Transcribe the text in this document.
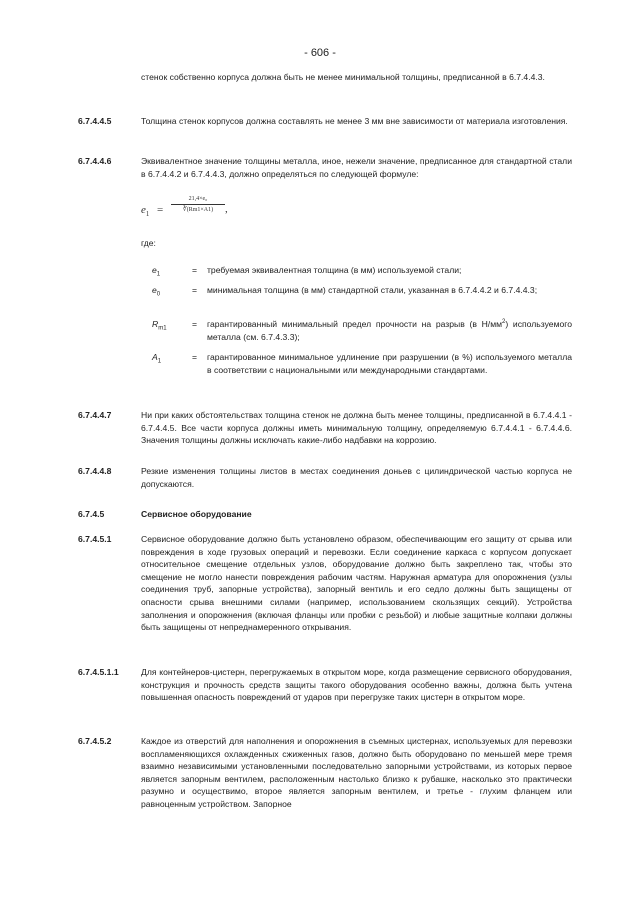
- 606 -
стенок собственно корпуса должна быть не менее минимальной толщины, предписанной в 6.7.4.4.3.
6.7.4.4.5	Толщина стенок корпусов должна составлять не менее 3 мм вне зависимости от материала изготовления.
6.7.4.4.6	Эквивалентное значение толщины металла, иное, нежели значение, предписанное для стандартной стали в 6.7.4.4.2 и 6.7.4.4.3, должно определяться по следующей формуле:
$e_1 = \frac{\text{21,4×e₀}}{∛(Rm1\times A1)}$ ,
где:
$e_1$	= требуемая эквивалентная толщина (в мм) используемой стали;
$e_0$	= минимальная толщина (в мм) стандартной стали, указанная в 6.7.4.4.2 и 6.7.4.4.3;
$R_{m1}$	= гарантированный минимальный предел прочности на разрыв (в $Н/мм^2$) используемого металла (см. 6.7.4.3.3);
$A_1$	= гарантированное минимальное удлинение при разрушении (в %) используемого металла в соответствии с национальными или международными стандартами.
6.7.4.4.7	Ни при каких обстоятельствах толщина стенок не должна быть менее толщины, предписанной в 6.7.4.4.1 - 6.7.4.4.5. Все части корпуса должны иметь минимальную толщину, определяемую 6.7.4.4.1 - 6.7.4.4.6. Значения толщины должны исключать какие-либо надбавки на коррозию.
6.7.4.4.8	Резкие изменения толщины листов в местах соединения доньев с цилиндрической частью корпуса не допускаются.
6.7.4.5	Сервисное оборудование
6.7.4.5.1	Сервисное оборудование должно быть установлено образом, обеспечивающим его защиту от срыва или повреждения в ходе грузовых операций и перевозки. Если соединение каркаса с корпусом допускает относительное смещение отдельных узлов, оборудование должно быть закреплено так, чтобы это смещение не могло нанести повреждения рабочим частям. Наружная арматура для опорожнения (узлы соединения труб, запорные устройства), запорный вентиль и его седло должны быть защищены от опасности срыва внешними силами (например, использованием скользящих секций). Устройства заполнения и опорожнения (включая фланцы или пробки с резьбой) и любые защитные колпаки должны быть защищены от непреднамеренного открывания.
6.7.4.5.1.1	Для контейнеров-цистерн, перегружаемых в открытом море, когда размещение сервисного оборудования, конструкция и прочность средств защиты такого оборудования особенно важны, должна быть учтена повышенная опасность повреждений от ударов при перегрузке таких цистерн в открытом море.
6.7.4.5.2	Каждое из отверстий для наполнения и опорожнения в съемных цистернах, используемых для перевозки воспламеняющихся охлажденных сжиженных газов, должно быть оборудовано по меньшей мере тремя взаимно независимыми установленными последовательно запорными устройствами, из которых первое является запорным вентилем, расположенным настолько близко к рубашке, насколько это практически разумно и осуществимо, второе является запорным вентилем, и третье - глухим фланцем или равноценным устройством. Запорное
